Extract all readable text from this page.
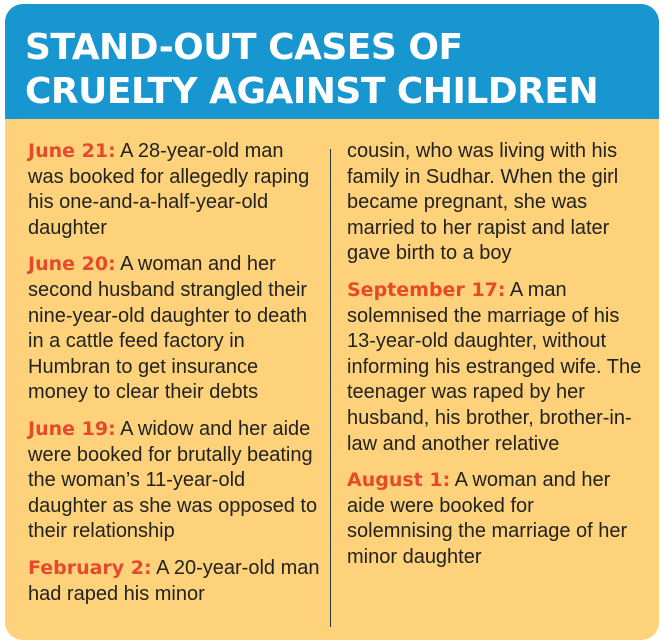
STAND-OUT CASES OF
CRUELTY AGAINST CHILDREN

June 21: A 28-year-old man was booked for allegedly raping his one-and-a-half-year-old daughter

June 20: A woman and her second husband strangled their nine-year-old daughter to death in a cattle feed factory in Humbran to get insurance money to clear their debts

June 19: A widow and her aide were booked for brutally beating the woman’s 11-year-old daughter as she was opposed to their relationship

February 2: A 20-year-old man had raped his minor

cousin, who was living with his family in Sudhar. When the girl became pregnant, she was married to her rapist and later gave birth to a boy

September 17: A man solemnised the marriage of his 13-year-old daughter, without informing his estranged wife. The teenager was raped by her husband, his brother, brother-in-law and another relative

August 1: A woman and her aide were booked for solemnising the marriage of her minor daughter
